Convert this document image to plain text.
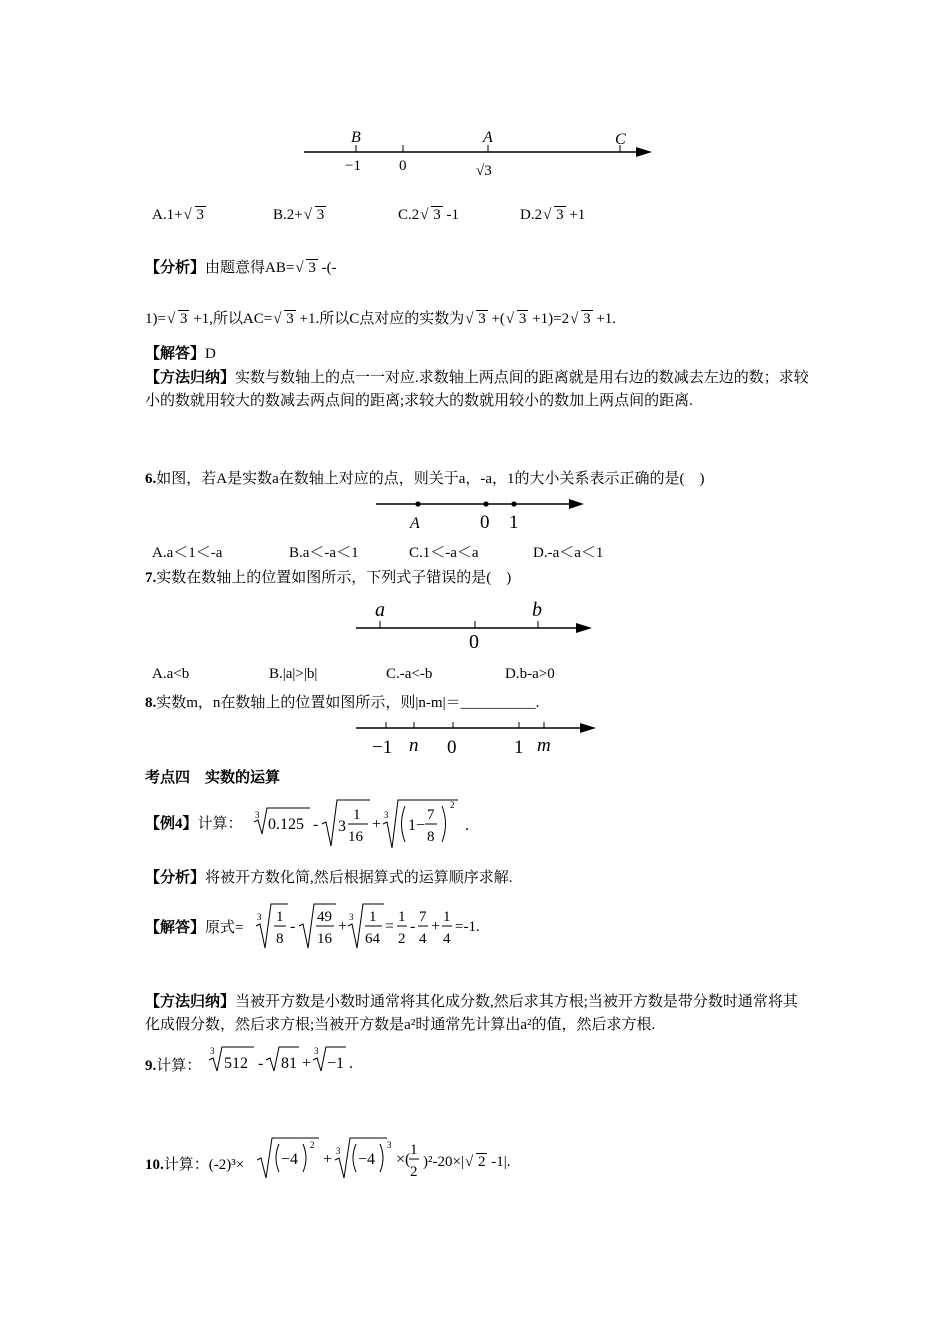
B	A	C
−1	0	√3
A.1+ √ 3	B.2+ √ 3	C.2 √ 3 -1	D.2 √ 3 +1
【分析】由题意得AB= √ 3 -(-
1)= √ 3 +1,所以AC= √ 3 +1.所以C点对应的实数为 √ 3 +( √ 3 +1)=2 √ 3 +1.
【解答】D
【方法归纳】实数与数轴上的点一一对应.求数轴上两点间的距离就是用右边的数减去左边的数；求较小的数就用较大的数减去两点间的距离;求较大的数就用较小的数加上两点间的距离.
6.如图，若A是实数a在数轴上对应的点，则关于a，-a，1的大小关系表示正确的是(　)
A	0 1
A.a＜1＜-a	B.a＜-a＜1	C.1＜-a＜a	D.-a＜a＜1
7.实数在数轴上的位置如图所示，下列式子错误的是(　)
a	b
0
A.a<b	B.|a|>|b|	C.-a<-b	D.b-a>0
8.实数m，n在数轴上的位置如图所示，则|n-m|＝__________.
−1 n 0	1 m
考点四　实数的运算
【例4】计算：
3
0.125 - 3
1
16
+
3
1−
7
8
2
.
【分析】将被开方数化简,然后根据算式的运算顺序求解.
【解答】原式=
3 1
8
-
49
16
+
3 1
64
=
1
2
-
7
4
+
1
4
=-1.
【方法归纳】当被开方数是小数时通常将其化成分数,然后求其方根;当被开方数是带分数时通常将其化成假分数，然后求方根;当被开方数是a²时通常先计算出a²的值，然后求方根.
9.计算：
3
512 - 81 +
3
−1 .
10.计算：(-2)³× −4
2
+ 3 −4
3
×(
1
2
)²-20×| √ 2 -1|.
